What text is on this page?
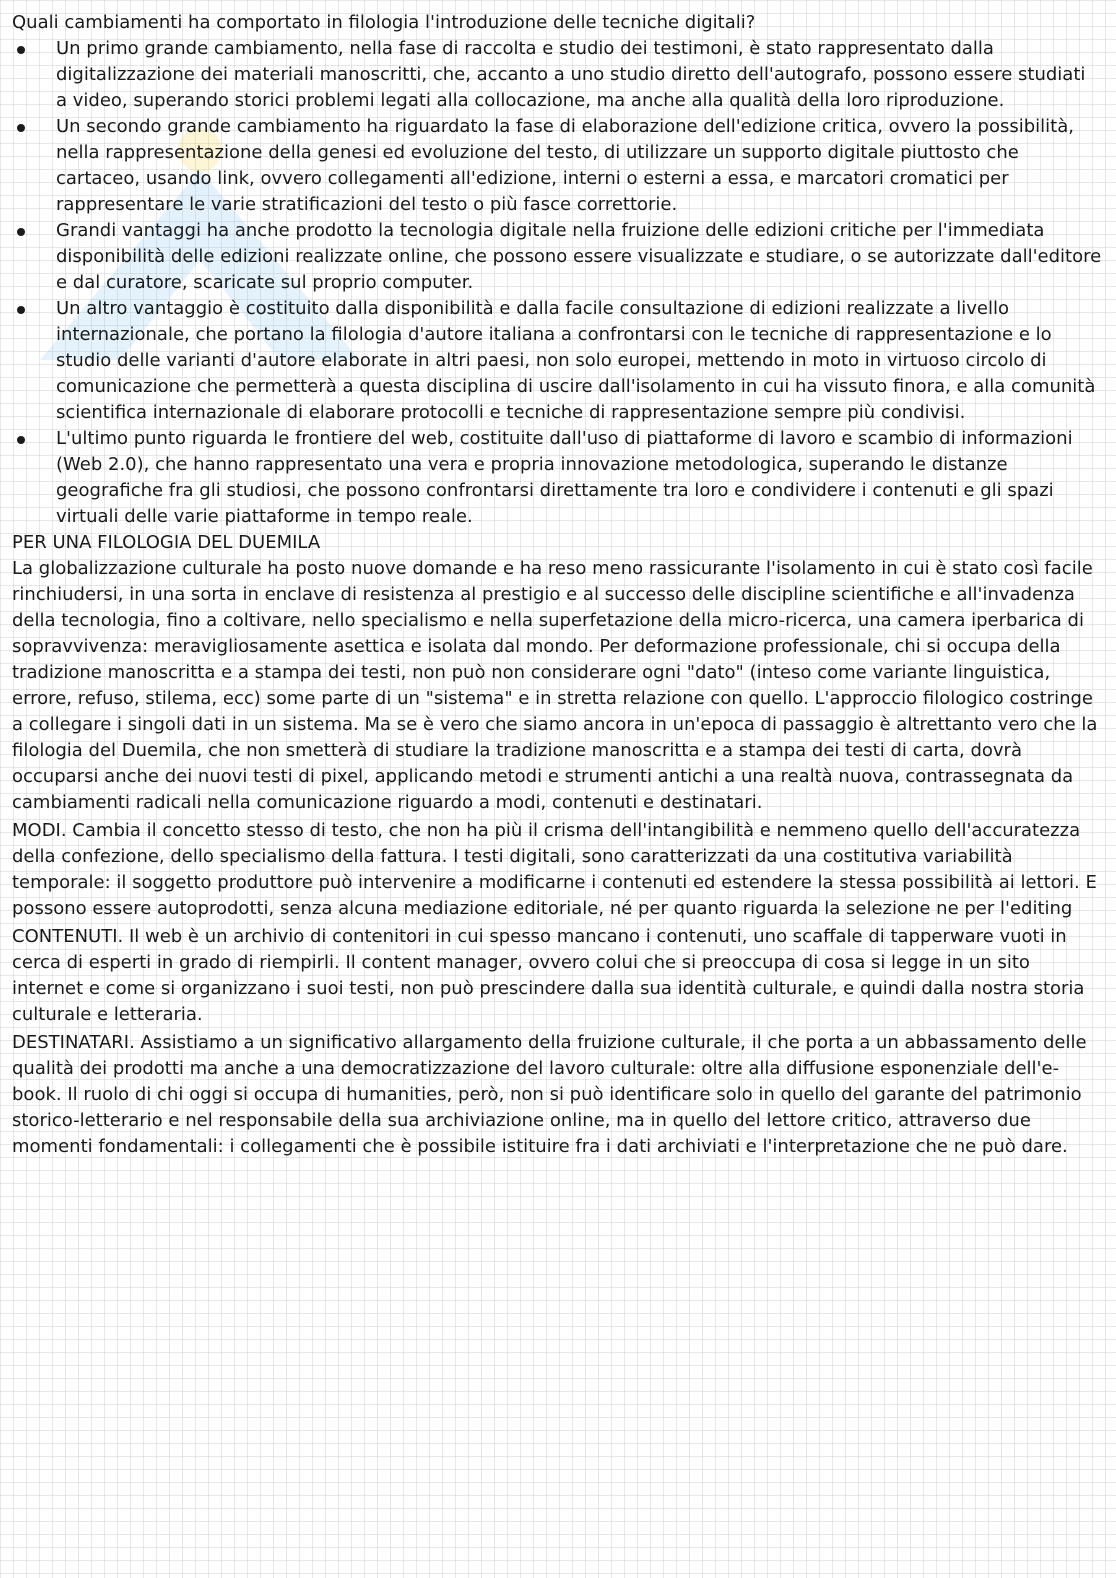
Quali cambiamenti ha comportato in filologia l'introduzione delle tecniche digitali?

Un primo grande cambiamento, nella fase di raccolta e studio dei testimoni, è stato rappresentato dalla digitalizzazione dei materiali manoscritti, che, accanto a uno studio diretto dell'autografo, possono essere studiati a video, superando storici problemi legati alla collocazione, ma anche alla qualità della loro riproduzione.
Un secondo grande cambiamento ha riguardato la fase di elaborazione dell'edizione critica, ovvero la possibilità, nella rappresentazione della genesi ed evoluzione del testo, di utilizzare un supporto digitale piuttosto che cartaceo, usando link, ovvero collegamenti all'edizione, interni o esterni a essa, e marcatori cromatici per rappresentare le varie stratificazioni del testo o più fasce correttorie.
Grandi vantaggi ha anche prodotto la tecnologia digitale nella fruizione delle edizioni critiche per l'immediata disponibilità delle edizioni realizzate online, che possono essere visualizzate e studiare, o se autorizzate dall'editore e dal curatore, scaricate sul proprio computer.
Un altro vantaggio è costituito dalla disponibilità e dalla facile consultazione di edizioni realizzate a livello internazionale, che portano la filologia d'autore italiana a confrontarsi con le tecniche di rappresentazione e lo studio delle varianti d'autore elaborate in altri paesi, non solo europei, mettendo in moto in virtuoso circolo di comunicazione che permetterà a questa disciplina di uscire dall'isolamento in cui ha vissuto finora, e alla comunità scientifica internazionale di elaborare protocolli e tecniche di rappresentazione sempre più condivisi.
L'ultimo punto riguarda le frontiere del web, costituite dall'uso di piattaforme di lavoro e scambio di informazioni (Web 2.0), che hanno rappresentato una vera e propria innovazione metodologica, superando le distanze geografiche fra gli studiosi, che possono confrontarsi direttamente tra loro e condividere i contenuti e gli spazi virtuali delle varie piattaforme in tempo reale.

PER UNA FILOLOGIA DEL DUEMILA

La globalizzazione culturale ha posto nuove domande e ha reso meno rassicurante l'isolamento in cui è stato così facile rinchiudersi, in una sorta in enclave di resistenza al prestigio e al successo delle discipline scientifiche e all'invadenza della tecnologia, fino a coltivare, nello specialismo e nella superfetazione della micro-ricerca, una camera iperbarica di sopravvivenza: meravigliosamente asettica e isolata dal mondo. Per deformazione professionale, chi si occupa della tradizione manoscritta e a stampa dei testi, non può non considerare ogni "dato" (inteso come variante linguistica, errore, refuso, stilema, ecc) some parte di un "sistema" e in stretta relazione con quello. L'approccio filologico costringe a collegare i singoli dati in un sistema. Ma se è vero che siamo ancora in un'epoca di passaggio è altrettanto vero che la filologia del Duemila, che non smetterà di studiare la tradizione manoscritta e a stampa dei testi di carta, dovrà occuparsi anche dei nuovi testi di pixel, applicando metodi e strumenti antichi a una realtà nuova, contrassegnata da cambiamenti radicali nella comunicazione riguardo a modi, contenuti e destinatari.

MODI. Cambia il concetto stesso di testo, che non ha più il crisma dell'intangibilità e nemmeno quello dell'accuratezza della confezione, dello specialismo della fattura. I testi digitali, sono caratterizzati da una costitutiva variabilità temporale: il soggetto produttore può intervenire a modificarne i contenuti ed estendere la stessa possibilità ai lettori. E possono essere autoprodotti, senza alcuna mediazione editoriale, né per quanto riguarda la selezione ne per l'editing

CONTENUTI. Il web è un archivio di contenitori in cui spesso mancano i contenuti, uno scaffale di tapperware vuoti in cerca di esperti in grado di riempirli. Il content manager, ovvero colui che si preoccupa di cosa si legge in un sito internet e come si organizzano i suoi testi, non può prescindere dalla sua identità culturale, e quindi dalla nostra storia culturale e letteraria.

DESTINATARI. Assistiamo a un significativo allargamento della fruizione culturale, il che porta a un abbassamento delle qualità dei prodotti ma anche a una democratizzazione del lavoro culturale: oltre alla diffusione esponenziale dell'e-book. Il ruolo di chi oggi si occupa di humanities, però, non si può identificare solo in quello del garante del patrimonio storico-letterario e nel responsabile della sua archiviazione online, ma in quello del lettore critico, attraverso due momenti fondamentali: i collegamenti che è possibile istituire fra i dati archiviati e l'interpretazione che ne può dare.
